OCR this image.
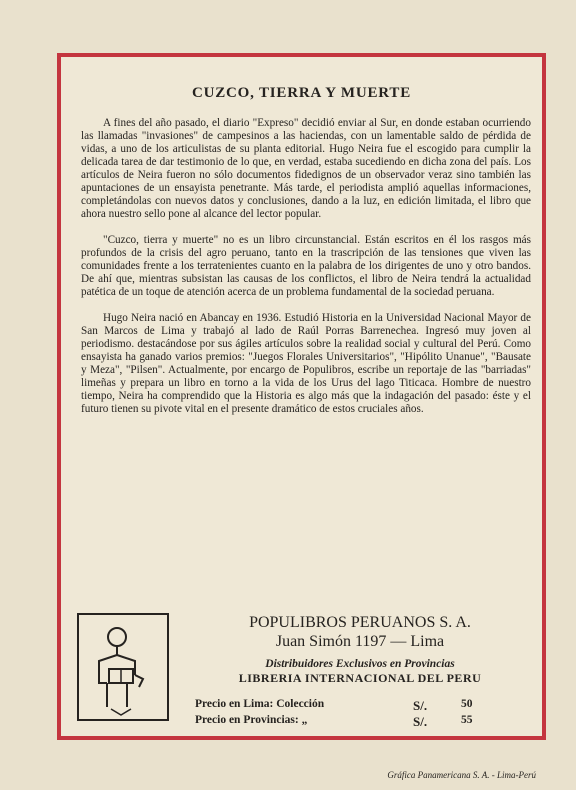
CUZCO, TIERRA Y MUERTE

A fines del año pasado, el diario "Expreso" decidió enviar al Sur, en donde estaban ocurriendo las llamadas "invasiones" de campesinos a las haciendas, con un lamentable saldo de pérdida de vidas, a uno de los articulistas de su planta editorial. Hugo Neira fue el escogido para cumplir la delicada tarea de dar testimonio de lo que, en verdad, estaba sucediendo en dicha zona del país. Los artículos de Neira fueron no sólo documentos fidedignos de un observador veraz sino también las apuntaciones de un ensayista penetrante. Más tarde, el periodista amplió aquellas informaciones, completándolas con nuevos datos y conclusiones, dando a la luz, en edición limitada, el libro que ahora nuestro sello pone al alcance del lector popular.

"Cuzco, tierra y muerte" no es un libro circunstancial. Están escritos en él los rasgos más profundos de la crisis del agro peruano, tanto en la trascripción de las tensiones que viven las comunidades frente a los terratenientes cuanto en la palabra de los dirigentes de uno y otro bandos. De ahí que, mientras subsistan las causas de los conflictos, el libro de Neira tendrá la actualidad patética de un toque de atención acerca de un problema fundamental de la sociedad peruana.

Hugo Neira nació en Abancay en 1936. Estudió Historia en la Universidad Nacional Mayor de San Marcos de Lima y trabajó al lado de Raúl Porras Barrenechea. Ingresó muy joven al periodismo. destacándose por sus ágiles artículos sobre la realidad social y cultural del Perú. Como ensayista ha ganado varios premios: "Juegos Florales Universitarios", "Hipólito Unanue", "Bausate y Meza", "Pilsen". Actualmente, por encargo de Populibros, escribe un reportaje de las "barriadas" limeñas y prepara un libro en torno a la vida de los Urus del lago Titicaca. Hombre de nuestro tiempo, Neira ha comprendido que la Historia es algo más que la indagación del pasado: éste y el futuro tienen su pivote vital en el presente dramático de estos cruciales años.

POPULIBROS PERUANOS S. A.
Juan Simón 1197 — Lima
Distribuidores Exclusivos en Provincias
LIBRERIA INTERNACIONAL DEL PERU
Precio en Lima: Colección	S/.	50
Precio en Provincias: „	S/.	55
Gráfica Panamericana S. A. - Lima-Perú
